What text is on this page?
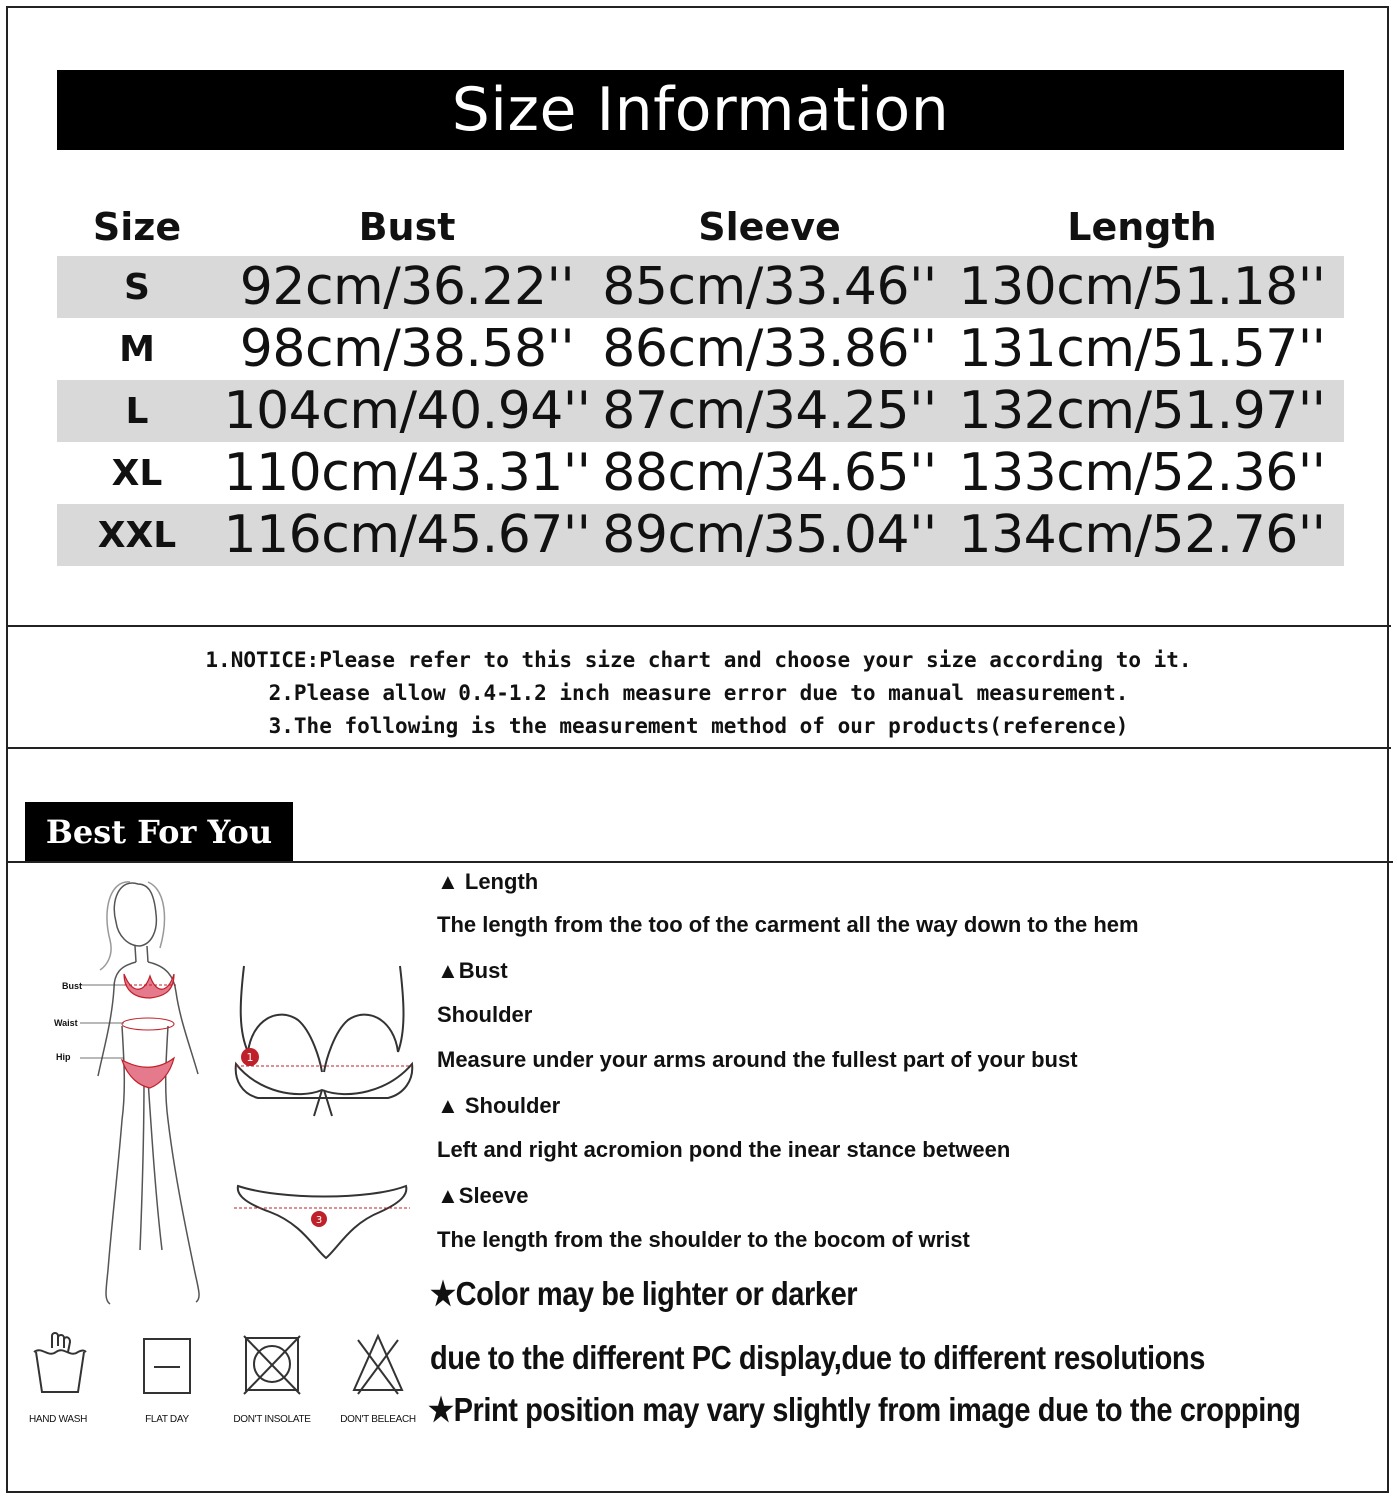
Size Information
Size	Bust	Sleeve	Length
S	92cm/36.22'' 85cm/33.46'' 130cm/51.18''
M	98cm/38.58'' 86cm/33.86'' 131cm/51.57''
L	104cm/40.94'' 87cm/34.25'' 132cm/51.97''
XL	110cm/43.31'' 88cm/34.65'' 133cm/52.36''
XXL 116cm/45.67'' 89cm/35.04'' 134cm/52.76''
1.NOTICE:Please refer to this size chart and choose your size according to it.
2.Please allow 0.4-1.2 inch measure error due to manual measurement.
3.The following is the measurement method of our products(reference)
Best For You
Bust
Waist
Hip	1
3
▲ Length
The length from the too of the carment all the way down to the hem
▲Bust
Shoulder
Measure under your arms around the fullest part of your bust
▲ Shoulder
Left and right acromion pond the inear stance between
▲Sleeve
The length from the shoulder to the bocom of wrist
★Color may be lighter or darker
due to the different PC display,due to different resolutions
★Print position may vary slightly from image due to the cropping
HAND WASH	FLAT DAY	DON'T INSOLATE	DON'T BELEACH
